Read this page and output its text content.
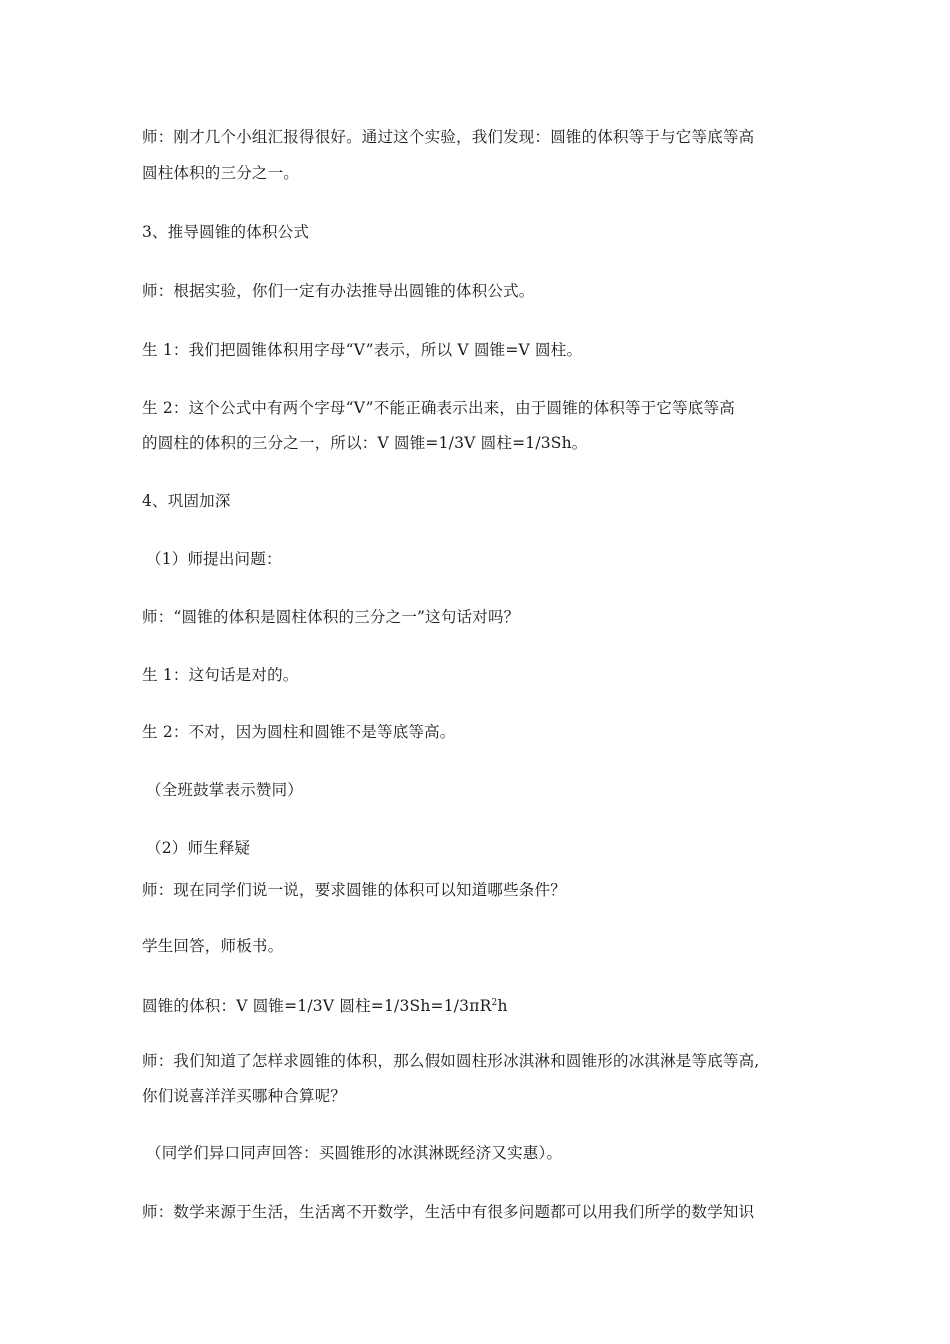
师：刚才几个小组汇报得很好。通过这个实验，我们发现：圆锥的体积等于与它等底等高
圆柱体积的三分之一。
3、推导圆锥的体积公式
师：根据实验，你们一定有办法推导出圆锥的体积公式。
生 1：我们把圆锥体积用字母“V”表示，所以 V 圆锥=V 圆柱。
生 2：这个公式中有两个字母“V”不能正确表示出来，由于圆锥的体积等于它等底等高
的圆柱的体积的三分之一，所以：V 圆锥=1/3V 圆柱=1/3Sh。
4、巩固加深
（1）师提出问题：
师：“圆锥的体积是圆柱体积的三分之一”这句话对吗？
生 1：这句话是对的。
生 2：不对，因为圆柱和圆锥不是等底等高。
（全班鼓掌表示赞同）
（2）师生释疑
师：现在同学们说一说，要求圆锥的体积可以知道哪些条件？
学生回答，师板书。
圆锥的体积：V 圆锥=1/3V 圆柱$=1/3Sh=1/3\pi R^2h$
师：我们知道了怎样求圆锥的体积，那么假如圆柱形冰淇淋和圆锥形的冰淇淋是等底等高,
你们说喜洋洋买哪种合算呢？
（同学们异口同声回答：买圆锥形的冰淇淋既经济又实惠）。
师：数学来源于生活，生活离不开数学，生活中有很多问题都可以用我们所学的数学知识
